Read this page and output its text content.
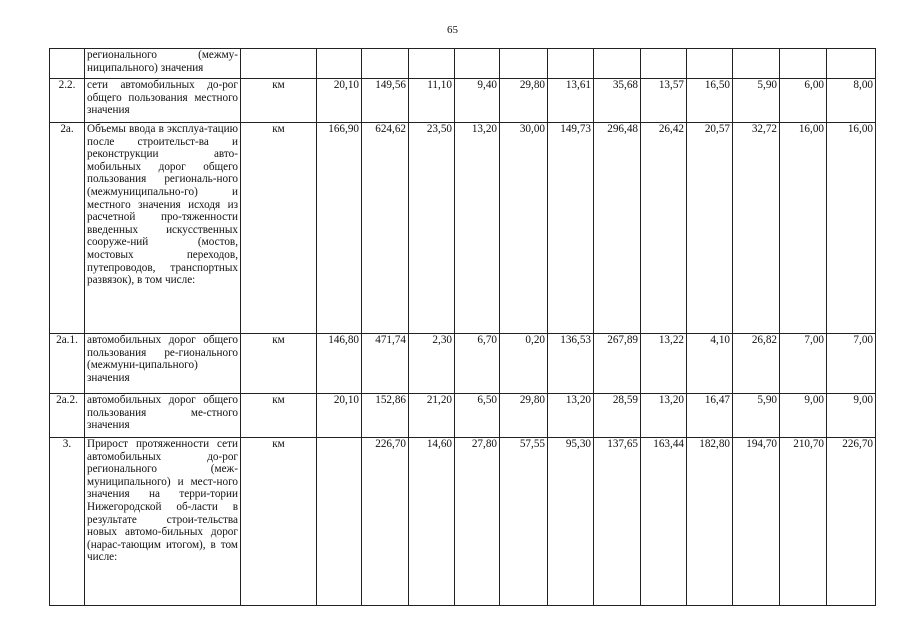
65
	регионального (межму-ниципального) значения													
2.2.	сети автомобильных до-рог общего пользования местного значения	км	20,10	149,56	11,10	9,40	29,80	13,61	35,68	13,57	16,50	5,90	6,00	8,00
2а.	Объемы ввода в эксплуа-тацию после строительст-ва и реконструкции авто-мобильных дорог общего пользования региональ-ного (межмуниципально-го) и местного значения исходя из расчетной про-тяженности введенных искусственных сооруже-ний (мостов, мостовых переходов, путепроводов, транспортных развязок), в том числе:	км	166,90	624,62	23,50	13,20	30,00	149,73	296,48	26,42	20,57	32,72	16,00	16,00
2а.1.	автомобильных дорог общего пользования ре-гионального (межмуни-ципального) значения	км	146,80	471,74	2,30	6,70	0,20	136,53	267,89	13,22	4,10	26,82	7,00	7,00
2а.2.	автомобильных дорог общего пользования ме-стного значения	км	20,10	152,86	21,20	6,50	29,80	13,20	28,59	13,20	16,47	5,90	9,00	9,00
3.	Прирост протяженности сети автомобильных до-рог регионального (меж-муниципального) и мест-ного значения на терри-тории Нижегородской об-ласти в результате строи-тельства новых автомо-бильных дорог (нарас-тающим итогом), в том числе:	км		226,70	14,60	27,80	57,55	95,30	137,65	163,44	182,80	194,70	210,70	226,70
